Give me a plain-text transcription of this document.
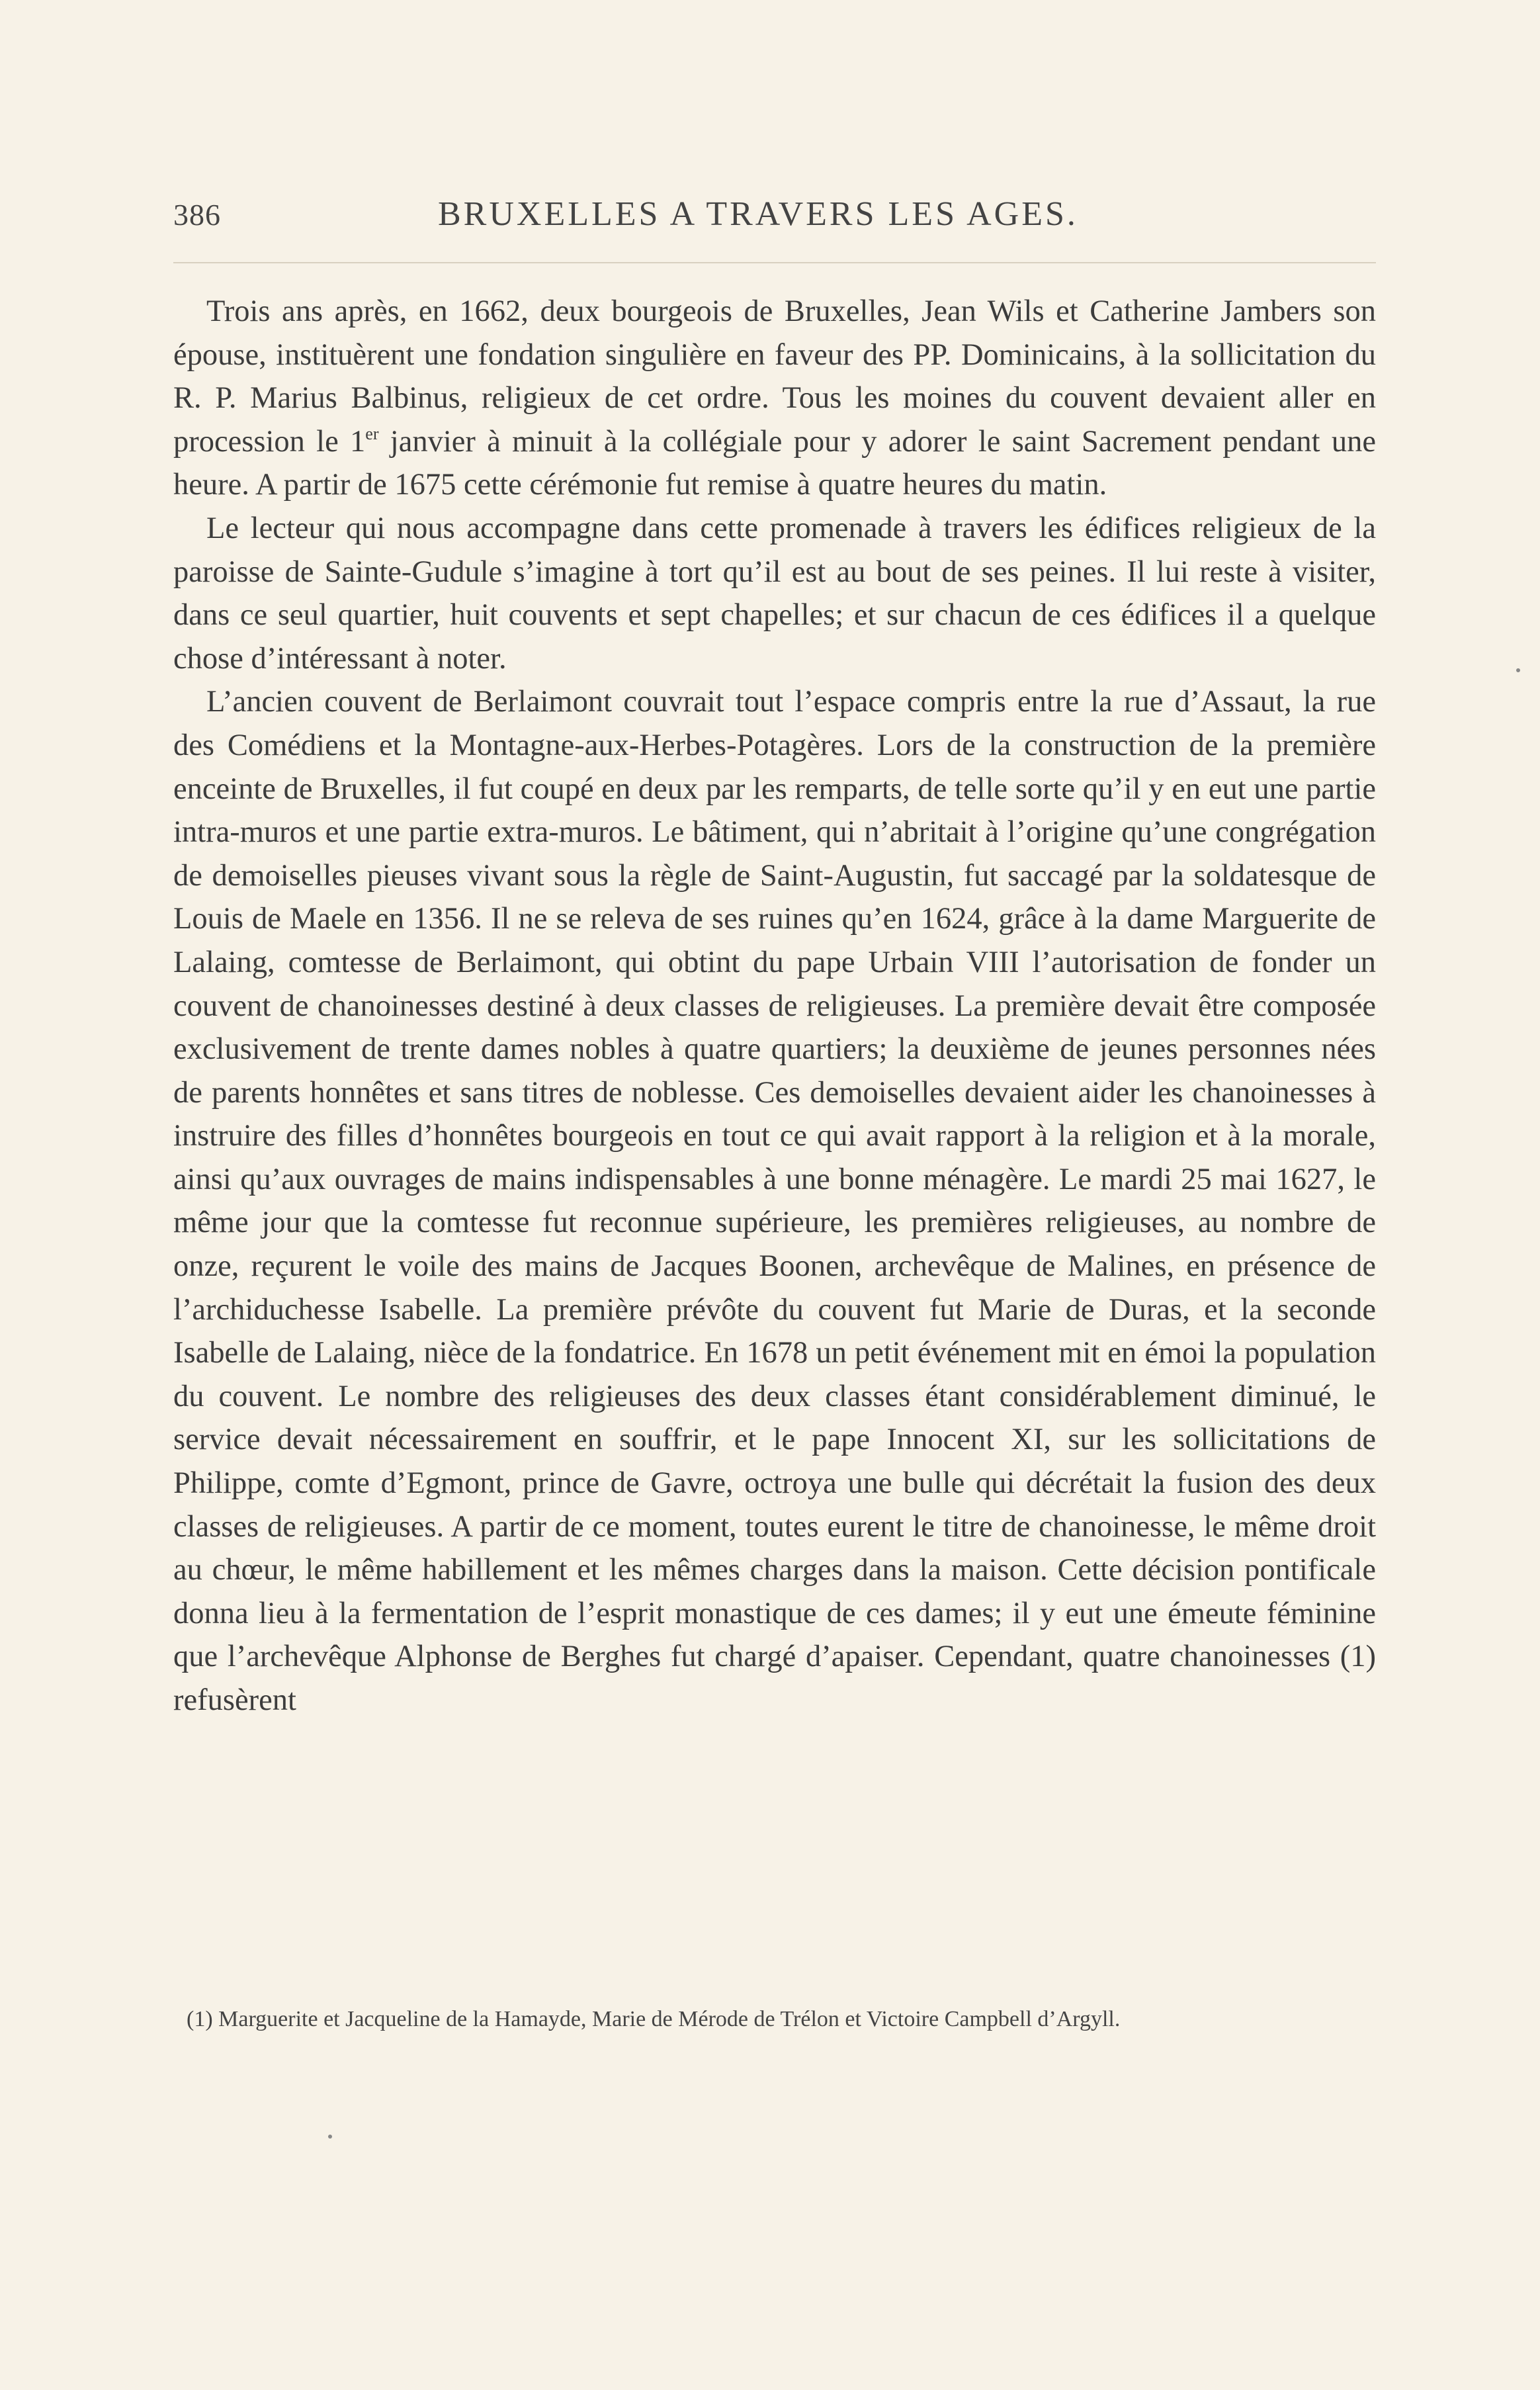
386	BRUXELLES A TRAVERS LES AGES.

Trois ans après, en 1662, deux bourgeois de Bruxelles, Jean Wils et Catherine Jambers son épouse, instituèrent une fondation singulière en faveur des PP. Dominicains, à la sollicitation du R. P. Marius Balbinus, religieux de cet ordre. Tous les moines du couvent devaient aller en procession le 1er janvier à minuit à la collégiale pour y adorer le saint Sacrement pendant une heure. A partir de 1675 cette cérémonie fut remise à quatre heures du matin.

Le lecteur qui nous accompagne dans cette promenade à travers les édifices religieux de la paroisse de Sainte-Gudule s’imagine à tort qu’il est au bout de ses peines. Il lui reste à visiter, dans ce seul quartier, huit couvents et sept chapelles; et sur chacun de ces édifices il a quelque chose d’intéressant à noter.

L’ancien couvent de Berlaimont couvrait tout l’espace compris entre la rue d’Assaut, la rue des Comédiens et la Montagne-aux-Herbes-Potagères. Lors de la construction de la première enceinte de Bruxelles, il fut coupé en deux par les remparts, de telle sorte qu’il y en eut une partie intra-muros et une partie extra-muros. Le bâtiment, qui n’abritait à l’origine qu’une congrégation de demoiselles pieuses vivant sous la règle de Saint-Augustin, fut saccagé par la soldatesque de Louis de Maele en 1356. Il ne se releva de ses ruines qu’en 1624, grâce à la dame Marguerite de Lalaing, comtesse de Berlaimont, qui obtint du pape Urbain VIII l’autorisation de fonder un couvent de chanoinesses destiné à deux classes de religieuses. La première devait être composée exclusivement de trente dames nobles à quatre quartiers; la deuxième de jeunes personnes nées de parents honnêtes et sans titres de noblesse. Ces demoiselles devaient aider les chanoinesses à instruire des filles d’honnêtes bourgeois en tout ce qui avait rapport à la religion et à la morale, ainsi qu’aux ouvrages de mains indispensables à une bonne ménagère. Le mardi 25 mai 1627, le même jour que la comtesse fut reconnue supérieure, les premières religieuses, au nombre de onze, reçurent le voile des mains de Jacques Boonen, archevêque de Malines, en présence de l’archiduchesse Isabelle. La première prévôte du couvent fut Marie de Duras, et la seconde Isabelle de Lalaing, nièce de la fondatrice. En 1678 un petit événement mit en émoi la population du couvent. Le nombre des religieuses des deux classes étant considérablement diminué, le service devait nécessairement en souffrir, et le pape Innocent XI, sur les sollicitations de Philippe, comte d’Egmont, prince de Gavre, octroya une bulle qui décrétait la fusion des deux classes de religieuses. A partir de ce moment, toutes eurent le titre de chanoinesse, le même droit au chœur, le même habillement et les mêmes charges dans la maison. Cette décision pontificale donna lieu à la fermentation de l’esprit monastique de ces dames; il y eut une émeute féminine que l’archevêque Alphonse de Berghes fut chargé d’apaiser. Cependant, quatre chanoinesses (1) refusèrent

(1) Marguerite et Jacqueline de la Hamayde, Marie de Mérode de Trélon et Victoire Campbell d’Argyll.
